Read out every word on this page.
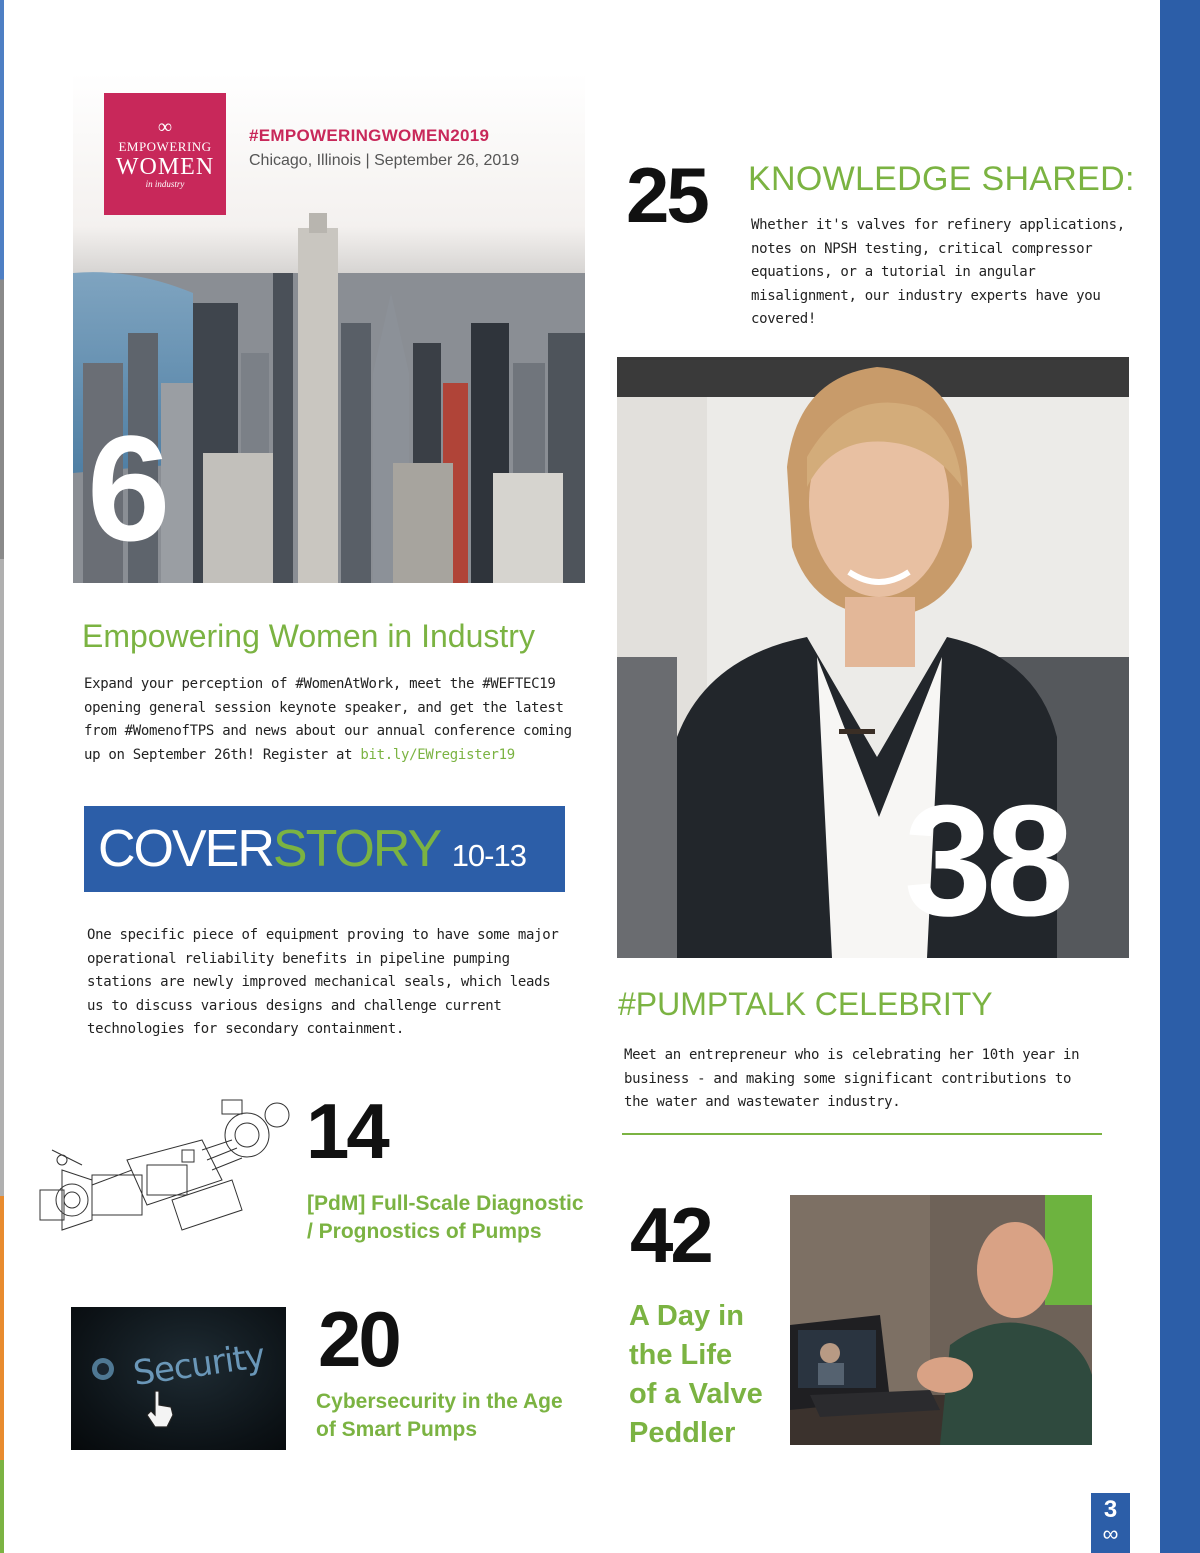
∞
EMPOWERING
WOMEN
in industry
#EMPOWERINGWOMEN2019
Chicago, Illinois | September 26, 2019
6
Empowering Women in Industry
Expand your perception of #WomenAtWork, meet the #WEFTEC19 opening general session keynote speaker, and get the latest from #WomenofTPS and news about our annual conference coming up on September 26th! Register at bit.ly/EWregister19
COVERSTORY 10-13
One specific piece of equipment proving to have some major operational reliability benefits in pipeline pumping stations are newly improved mechanical seals, which leads us to discuss various designs and challenge current technologies for secondary containment.
14
[PdM] Full-Scale Diagnostic
/ Prognostics of Pumps
Security 20
Cybersecurity in the Age
of Smart Pumps
25 KNOWLEDGE SHARED:
Whether it's valves for refinery applications, notes on NPSH testing, critical compressor equations, or a tutorial in angular misalignment, our industry experts have you covered!
38
#PUMPTALK CELEBRITY
Meet an entrepreneur who is celebrating her 10th year in business - and making some significant contributions to the water and wastewater industry.
42
A Day in
the Life
of a Valve
Peddler
3
∞
